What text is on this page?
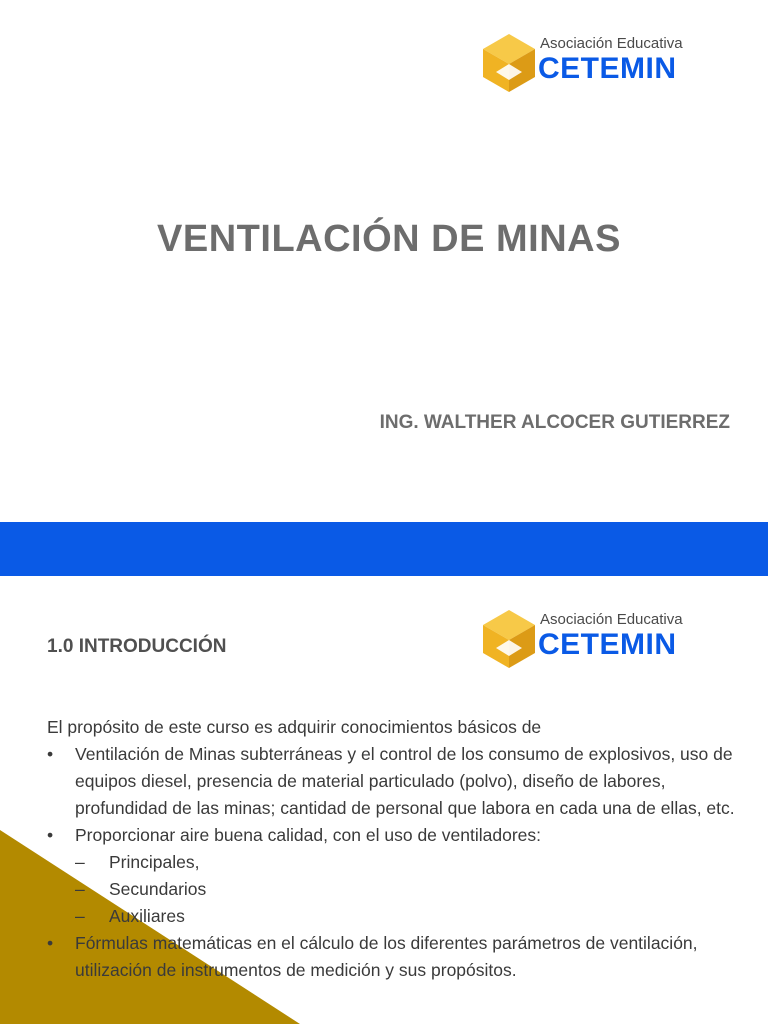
Asociación Educativa
CETEMIN
VENTILACIÓN DE MINAS
ING. WALTHER ALCOCER GUTIERREZ
Asociación Educativa
CETEMIN
1.0 INTRODUCCIÓN
El propósito de este curso es adquirir conocimientos básicos de
• Ventilación de Minas subterráneas y el control de los consumo de explosivos, uso de equipos diesel, presencia de material particulado (polvo), diseño de labores, profundidad de las minas; cantidad de personal que labora en cada una de ellas, etc.
• Proporcionar aire buena calidad, con el uso de ventiladores:
– Principales,
– Secundarios
– Auxiliares
• Fórmulas matemáticas en el cálculo de los diferentes parámetros de ventilación, utilización de instrumentos de medición y sus propósitos.
